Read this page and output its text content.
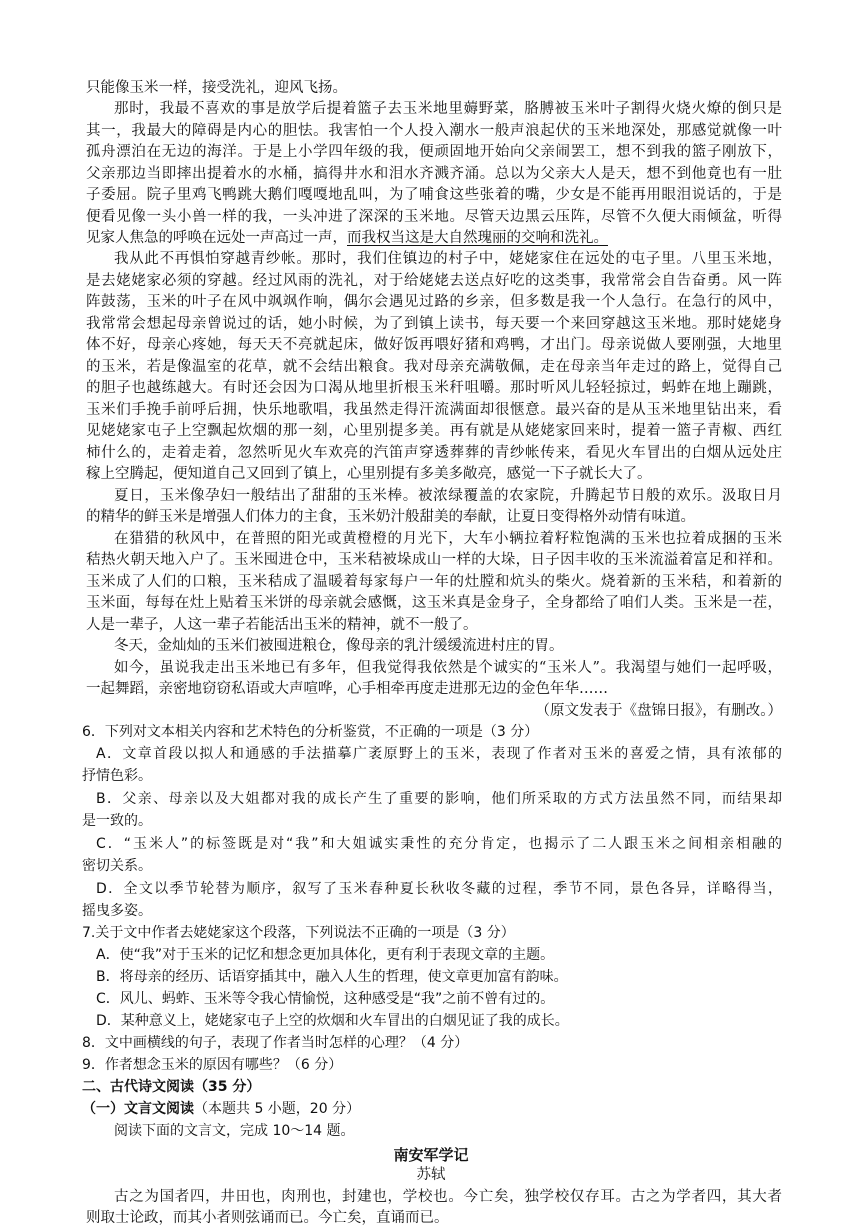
只能像玉米一样，接受洗礼，迎风飞扬。

那时，我最不喜欢的事是放学后提着篮子去玉米地里薅野菜，胳膊被玉米叶子割得火烧火燎的倒只是

其一，我最大的障碍是内心的胆怯。我害怕一个人投入潮水一般声浪起伏的玉米地深处，那感觉就像一叶

孤舟漂泊在无边的海洋。于是上小学四年级的我，便顽固地开始向父亲闹罢工，想不到我的篮子刚放下，

父亲那边当即摔出提着水的水桶，搞得井水和泪水齐溅齐涌。总以为父亲大人是天，想不到他竟也有一肚

子委屈。院子里鸡飞鸭跳大鹅们嘎嘎地乱叫，为了哺食这些张着的嘴，少女是不能再用眼泪说话的，于是

便看见像一头小兽一样的我，一头冲进了深深的玉米地。尽管天边黑云压阵，尽管不久便大雨倾盆，听得

见家人焦急的呼唤在远处一声高过一声，而我权当这是大自然瑰丽的交响和洗礼。

我从此不再惧怕穿越青纱帐。那时，我们住镇边的村子中，姥姥家住在远处的屯子里。八里玉米地，

是去姥姥家必须的穿越。经过风雨的洗礼，对于给姥姥去送点好吃的这类事，我常常会自告奋勇。风一阵

阵鼓荡，玉米的叶子在风中飒飒作响，偶尔会遇见过路的乡亲，但多数是我一个人急行。在急行的风中，

我常常会想起母亲曾说过的话，她小时候，为了到镇上读书，每天要一个来回穿越这玉米地。那时姥姥身

体不好，母亲心疼她，每天天不亮就起床，做好饭再喂好猪和鸡鸭，才出门。母亲说做人要刚强，大地里

的玉米，若是像温室的花草，就不会结出粮食。我对母亲充满敬佩，走在母亲当年走过的路上，觉得自己

的胆子也越练越大。有时还会因为口渴从地里折根玉米秆咀嚼。那时听风儿轻轻掠过，蚂蚱在地上蹦跳，

玉米们手挽手前呼后拥，快乐地歌唱，我虽然走得汗流满面却很惬意。最兴奋的是从玉米地里钻出来，看

见姥姥家屯子上空飘起炊烟的那一刻，心里别提多美。再有就是从姥姥家回来时，提着一篮子青椒、西红

柿什么的，走着走着，忽然听见火车欢亮的汽笛声穿透葬葬的青纱帐传来，看见火车冒出的白烟从远处庄

稼上空腾起，便知道自己又回到了镇上，心里别提有多美多敞亮，感觉一下子就长大了。

夏日，玉米像孕妇一般结出了甜甜的玉米棒。被浓绿覆盖的农家院，升腾起节日般的欢乐。汲取日月

的精华的鲜玉米是增强人们体力的主食，玉米奶汁般甜美的奉献，让夏日变得格外动情有味道。

在猎猎的秋风中，在普照的阳光或黄橙橙的月光下，大车小辆拉着籽粒饱满的玉米也拉着成捆的玉米

秸热火朝天地入户了。玉米囤进仓中，玉米秸被垛成山一样的大垛，日子因丰收的玉米流溢着富足和祥和。

玉米成了人们的口粮，玉米秸成了温暖着每家每户一年的灶膛和炕头的柴火。烧着新的玉米秸，和着新的

玉米面，每每在灶上贴着玉米饼的母亲就会感慨，这玉米真是金身子，全身都给了咱们人类。玉米是一茬，

人是一辈子，人这一辈子若能活出玉米的精神，就不一般了。

冬天，金灿灿的玉米们被囤进粮仓，像母亲的乳汁缓缓流进村庄的胃。

如今，虽说我走出玉米地已有多年，但我觉得我依然是个诚实的“玉米人”。我渴望与她们一起呼吸，

一起舞蹈，亲密地窃窃私语或大声喧哗，心手相牵再度走进那无边的金色年华……

（原文发表于《盘锦日报》，有删改。）

6．下列对文本相关内容和艺术特色的分析鉴赏，不正确的一项是（3 分）

A．文章首段以拟人和通感的手法描摹广袤原野上的玉米，表现了作者对玉米的喜爱之情，具有浓郁的

抒情色彩。

B．父亲、母亲以及大姐都对我的成长产生了重要的影响，他们所采取的方式方法虽然不同，而结果却

是一致的。

C．“玉米人”的标签既是对“我”和大姐诚实秉性的充分肯定，也揭示了二人跟玉米之间相亲相融的

密切关系。

D．全文以季节轮替为顺序，叙写了玉米春种夏长秋收冬藏的过程，季节不同，景色各异，详略得当，

摇曳多姿。

7.关于文中作者去姥姥家这个段落，下列说法不正确的一项是（3 分）

A．使“我”对于玉米的记忆和想念更加具体化，更有利于表现文章的主题。

B．将母亲的经历、话语穿插其中，融入人生的哲理，使文章更加富有韵味。

C．风儿、蚂蚱、玉米等令我心情愉悦，这种感受是“我”之前不曾有过的。

D．某种意义上，姥姥家屯子上空的炊烟和火车冒出的白烟见证了我的成长。

8．文中画横线的句子，表现了作者当时怎样的心理？（4 分）

9．作者想念玉米的原因有哪些？（6 分）

二、古代诗文阅读（35 分）

（一）文言文阅读（本题共 5 小题，20 分）

阅读下面的文言文，完成 10～14 题。

南安军学记

苏轼

古之为国者四，井田也，肉刑也，封建也，学校也。今亡矣，独学校仅存耳。古之为学者四，其大者

则取士论政，而其小者则弦诵而已。今亡矣，直诵而已。
